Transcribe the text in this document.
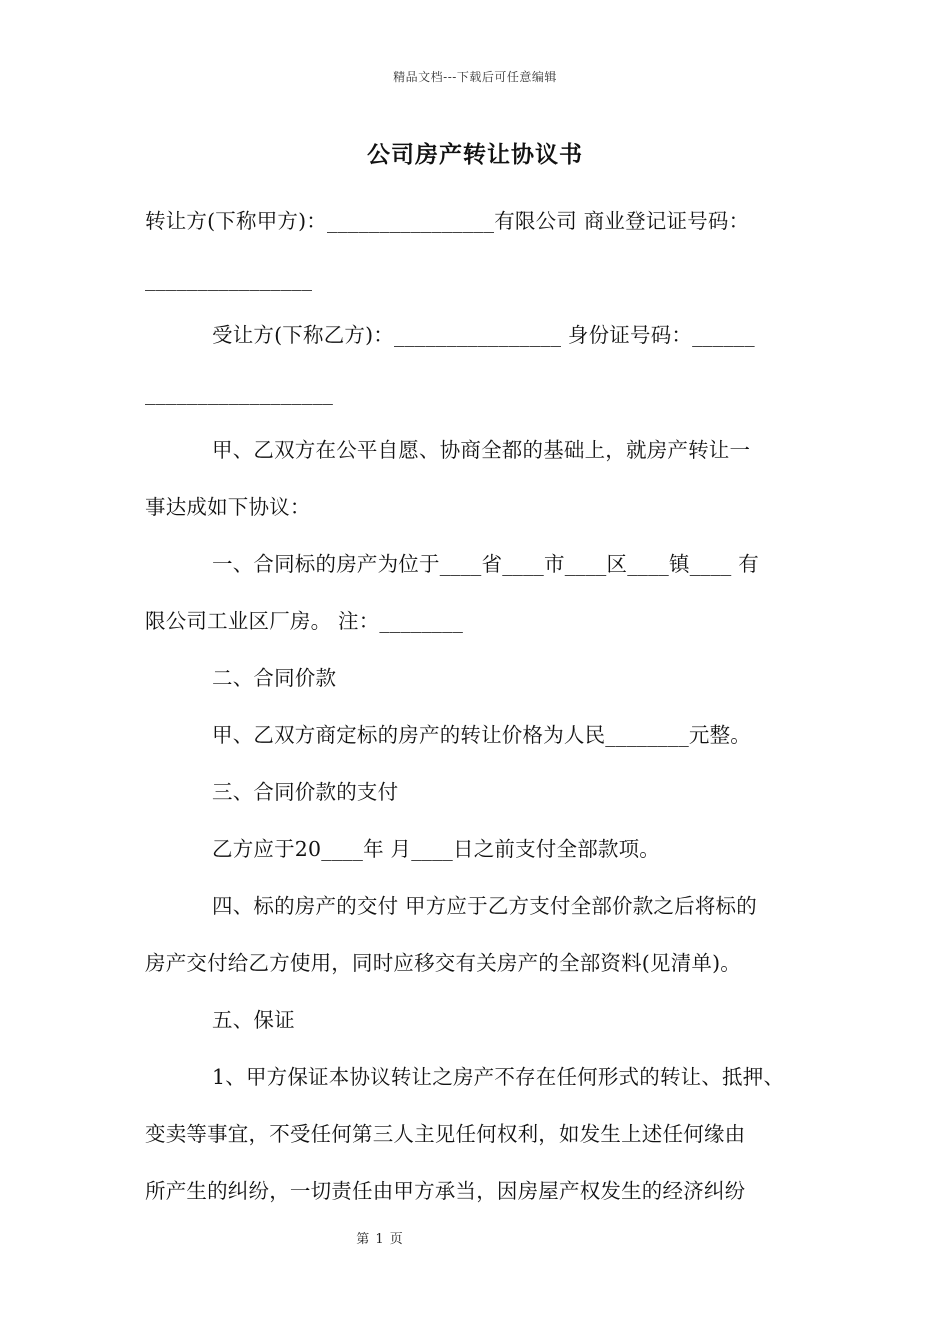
精品文档---下载后可任意编辑
公司房产转让协议书
转让方(下称甲方)：________________有限公司 商业登记证号码：
________________
受让方(下称乙方)：________________ 身份证号码：______
__________________
甲、乙双方在公平自愿、协商全都的基础上，就房产转让一
事达成如下协议：
一、合同标的房产为位于____省____市____区____镇____ 有
限公司工业区厂房。 注：________
二、合同价款
甲、乙双方商定标的房产的转让价格为人民________元整。
三、合同价款的支付
乙方应于20____年 月____日之前支付全部款项。
四、标的房产的交付 甲方应于乙方支付全部价款之后将标的
房产交付给乙方使用，同时应移交有关房产的全部资料(见清单)。
五、保证
1、甲方保证本协议转让之房产不存在任何形式的转让、抵押、
变卖等事宜，不受任何第三人主见任何权利，如发生上述任何缘由
所产生的纠纷，一切责任由甲方承当，因房屋产权发生的经济纠纷
第 1 页
